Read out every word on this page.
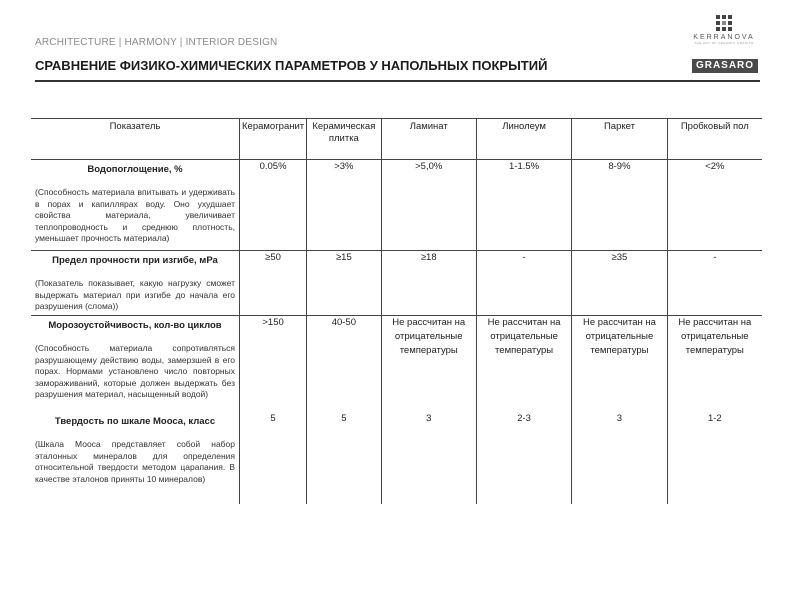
ARCHITECTURE | HARMONY | INTERIOR DESIGN	KERRANOVA
THE ART OF CERAMIC GRANITE
СРАВНЕНИЕ ФИЗИКО-ХИМИЧЕСКИХ ПАРАМЕТРОВ У НАПОЛЬНЫХ ПОКРЫТИЙ	GRASARO
Показатель	Керамогранит	Керамическая плитка	Ламинат	Линолеум	Паркет	Пробковый пол

Водопоглощение, %
(Способность материала впитывать и удерживать в порах и капиллярах воду. Оно ухудшает свойства материала, увеличивает теплопроводность и среднюю плотность, уменьшает прочность материала)	0.05%	>3%	>5,0%	1-1.5%	8-9%	<2%

Предел прочности при изгибе, мРа
(Показатель показывает, какую нагрузку сможет выдержать материал при изгибе до начала его разрушения (слома))	≥50	≥15	≥18	-	≥35	-

Морозоустойчивость, кол-во циклов
(Способность материала сопротивляться разрушающему действию воды, замерзшей в его порах. Нормами установлено число повторных замораживаний, которые должен выдержать без разрушения материал, насыщенный водой)	>150	40-50	Не рассчитан на отрицательные температуры	Не рассчитан на отрицательные температуры	Не рассчитан на отрицательные температуры	Не рассчитан на отрицательные температуры

Твердость по шкале Мооса, класс
(Шкала Мооса представляет собой набор эталонных минералов для определения относительной твердости методом царапания. В качестве эталонов приняты 10 минералов)	5	5	3	2-3	3	1-2
